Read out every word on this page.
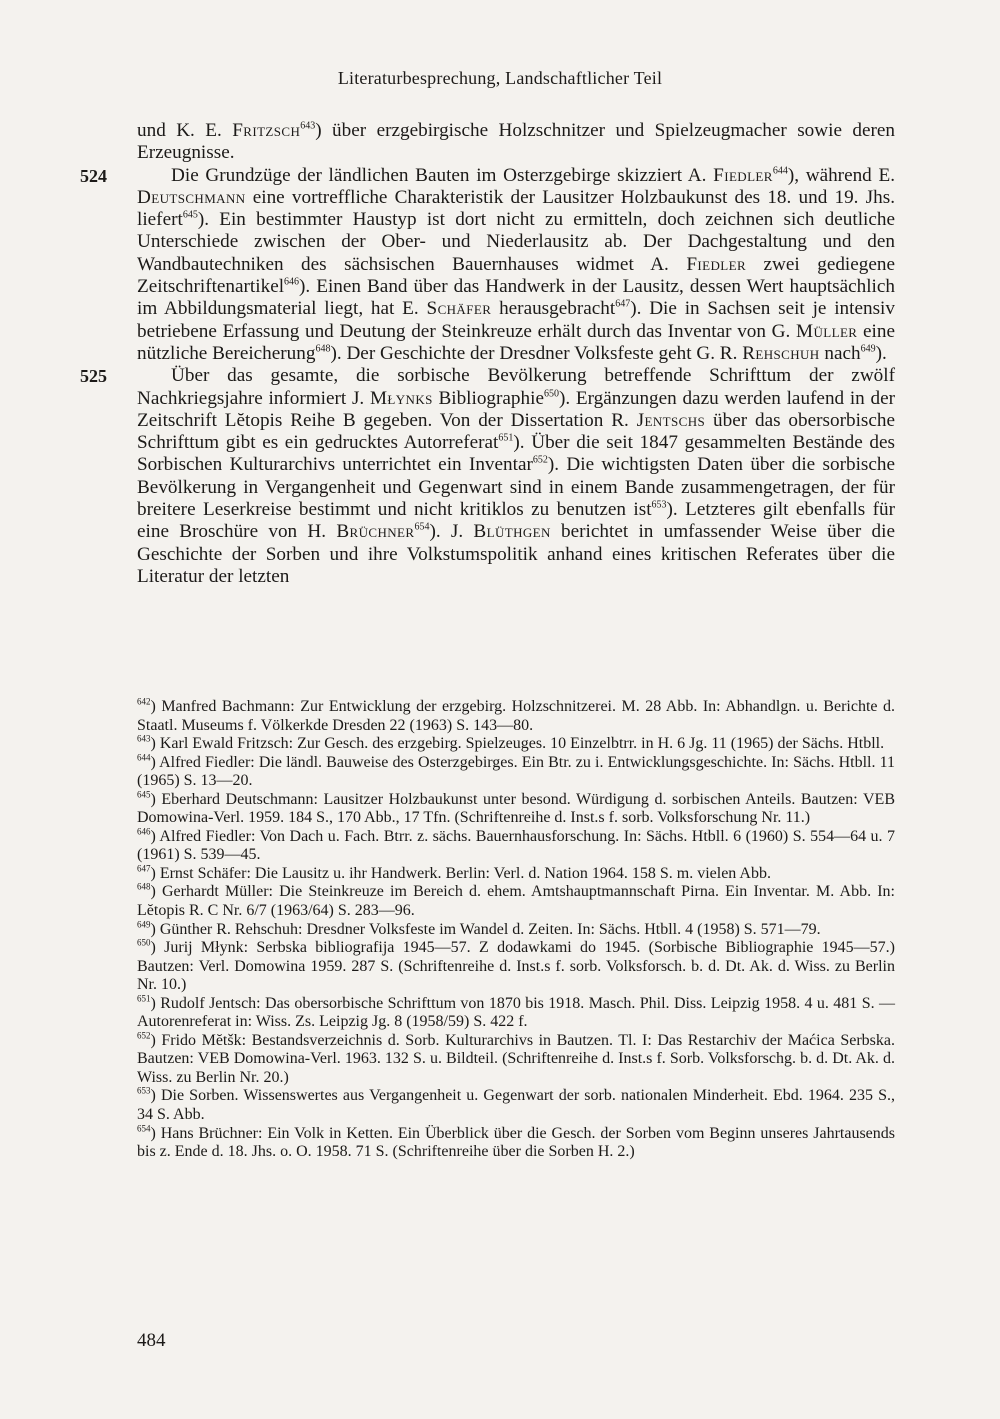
Literaturbesprechung, Landschaftlicher Teil

und K. E. Fritzsch$^{643}$) über erzgebirgische Holzschnitzer und Spielzeugmacher sowie deren Erzeugnisse.

524	Die Grundzüge der ländlichen Bauten im Osterzgebirge skizziert A. Fiedler$^{644}$), während E. Deutschmann eine vortreffliche Charakteristik der Lausitzer Holzbaukunst des 18. und 19. Jhs. liefert$^{645}$). Ein bestimmter Haustyp ist dort nicht zu ermitteln, doch zeichnen sich deutliche Unterschiede zwischen der Ober- und Niederlausitz ab. Der Dachgestaltung und den Wandbautechniken des sächsischen Bauernhauses widmet A. Fiedler zwei gediegene Zeitschriftenartikel$^{646}$). Einen Band über das Handwerk in der Lausitz, dessen Wert hauptsächlich im Abbildungsmaterial liegt, hat E. Schäfer herausgebracht$^{647}$). Die in Sachsen seit je intensiv betriebene Erfassung und Deutung der Steinkreuze erhält durch das Inventar von G. Müller eine nützliche Bereicherung$^{648}$). Der Geschichte der Dresdner Volksfeste geht G. R. Rehschuh nach$^{649}$).

525	Über das gesamte, die sorbische Bevölkerung betreffende Schrifttum der zwölf Nachkriegsjahre informiert J. Młynks Bibliographie$^{650}$). Ergänzungen dazu werden laufend in der Zeitschrift Lĕtopis Reihe B gegeben. Von der Dissertation R. Jentschs über das obersorbische Schrifttum gibt es ein gedrucktes Autorreferat$^{651}$). Über die seit 1847 gesammelten Bestände des Sorbischen Kulturarchivs unterrichtet ein Inventar$^{652}$). Die wichtigsten Daten über die sorbische Bevölkerung in Vergangenheit und Gegenwart sind in einem Bande zusammengetragen, der für breitere Leserkreise bestimmt und nicht kritiklos zu benutzen ist$^{653}$). Letzteres gilt ebenfalls für eine Broschüre von H. Brüchner$^{654}$). J. Blüthgen berichtet in umfassender Weise über die Geschichte der Sorben und ihre Volkstumspolitik anhand eines kritischen Referates über die Literatur der letzten

$^{642}$) Manfred Bachmann: Zur Entwicklung der erzgebirg. Holzschnitzerei. M. 28 Abb. In: Abhandlgn. u. Berichte d. Staatl. Museums f. Völkerkde Dresden 22 (1963) S. 143—80.

$^{643}$) Karl Ewald Fritzsch: Zur Gesch. des erzgebirg. Spielzeuges. 10 Einzelbtrr. in H. 6 Jg. 11 (1965) der Sächs. Htbll.

$^{644}$) Alfred Fiedler: Die ländl. Bauweise des Osterzgebirges. Ein Btr. zu i. Entwicklungsgeschichte. In: Sächs. Htbll. 11 (1965) S. 13—20.

$^{645}$) Eberhard Deutschmann: Lausitzer Holzbaukunst unter besond. Würdigung d. sorbischen Anteils. Bautzen: VEB Domowina-Verl. 1959. 184 S., 170 Abb., 17 Tfn. (Schriftenreihe d. Inst.s f. sorb. Volksforschung Nr. 11.)

$^{646}$) Alfred Fiedler: Von Dach u. Fach. Btrr. z. sächs. Bauernhausforschung. In: Sächs. Htbll. 6 (1960) S. 554—64 u. 7 (1961) S. 539—45.

$^{647}$) Ernst Schäfer: Die Lausitz u. ihr Handwerk. Berlin: Verl. d. Nation 1964. 158 S. m. vielen Abb.

$^{648}$) Gerhardt Müller: Die Steinkreuze im Bereich d. ehem. Amtshauptmannschaft Pirna. Ein Inventar. M. Abb. In: Lĕtopis R. C Nr. 6/7 (1963/64) S. 283—96.

$^{649}$) Günther R. Rehschuh: Dresdner Volksfeste im Wandel d. Zeiten. In: Sächs. Htbll. 4 (1958) S. 571—79.

$^{650}$) Jurij Młynk: Serbska bibliografija 1945—57. Z dodawkami do 1945. (Sorbische Bibliographie 1945—57.) Bautzen: Verl. Domowina 1959. 287 S. (Schriftenreihe d. Inst.s f. sorb. Volksforsch. b. d. Dt. Ak. d. Wiss. zu Berlin Nr. 10.)

$^{651}$) Rudolf Jentsch: Das obersorbische Schrifttum von 1870 bis 1918. Masch. Phil. Diss. Leipzig 1958. 4 u. 481 S. — Autorenreferat in: Wiss. Zs. Leipzig Jg. 8 (1958/59) S. 422 f.

$^{652}$) Frido Mĕtšk: Bestandsverzeichnis d. Sorb. Kulturarchivs in Bautzen. Tl. I: Das Restarchiv der Maćica Serbska. Bautzen: VEB Domowina-Verl. 1963. 132 S. u. Bildteil. (Schriftenreihe d. Inst.s f. Sorb. Volksforschg. b. d. Dt. Ak. d. Wiss. zu Berlin Nr. 20.)

$^{653}$) Die Sorben. Wissenswertes aus Vergangenheit u. Gegenwart der sorb. nationalen Minderheit. Ebd. 1964. 235 S., 34 S. Abb.

$^{654}$) Hans Brüchner: Ein Volk in Ketten. Ein Überblick über die Gesch. der Sorben vom Beginn unseres Jahrtausends bis z. Ende d. 18. Jhs. o. O. 1958. 71 S. (Schriftenreihe über die Sorben H. 2.)

484
